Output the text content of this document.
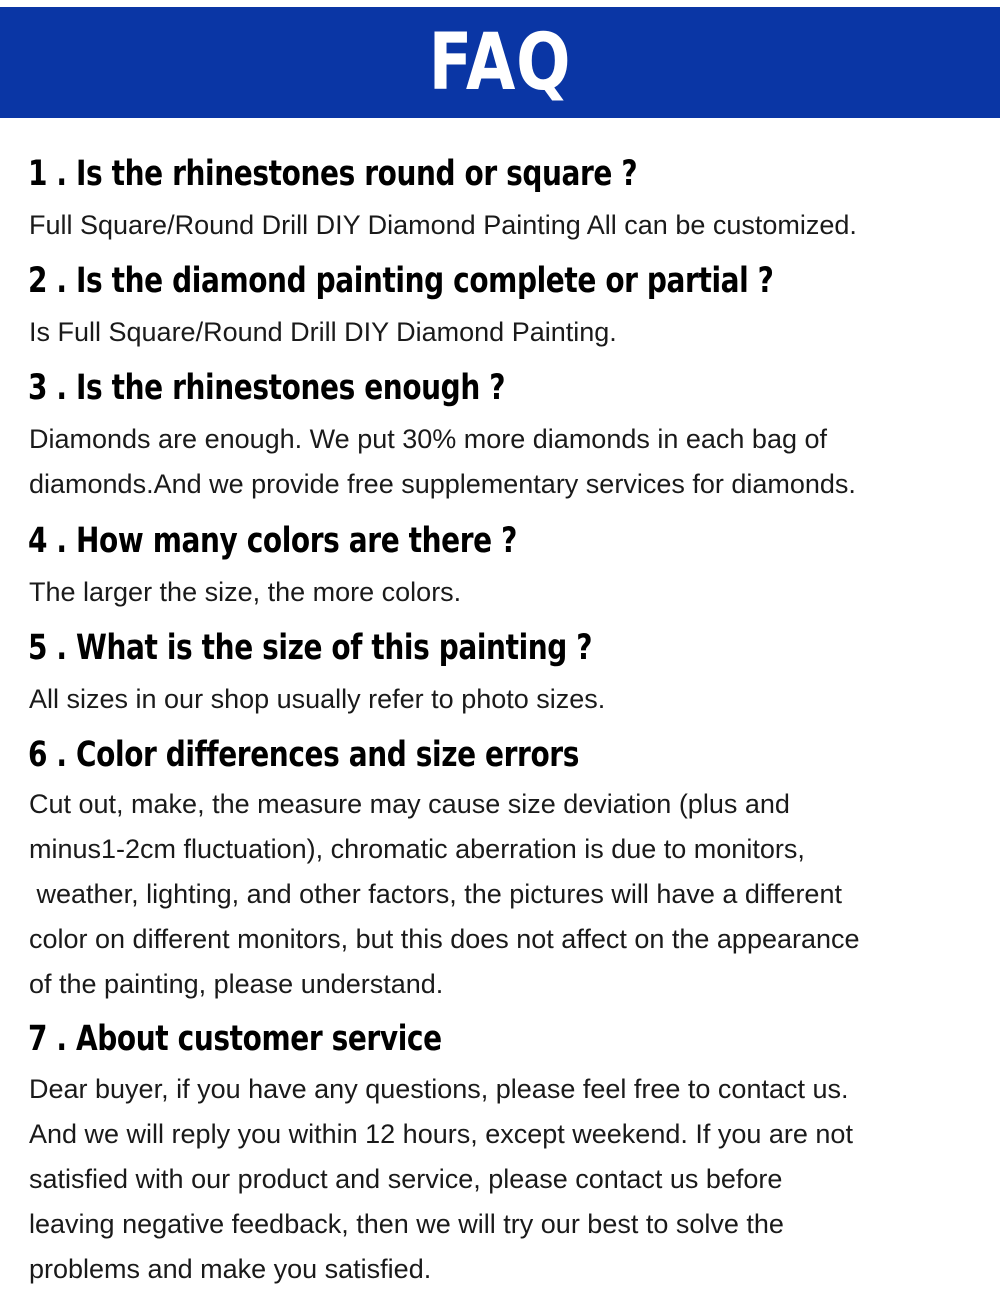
FAQ
1 . Is the rhinestones round or square ?
Full Square/Round Drill DIY Diamond Painting All can be customized.
2 . Is the diamond painting complete or partial ?
Is Full Square/Round Drill DIY Diamond Painting.
3 . Is the rhinestones enough ?
Diamonds are enough. We put 30% more diamonds in each bag of
diamonds.And we provide free supplementary services for diamonds.
4 . How many colors are there ?
The larger the size, the more colors.
5 . What is the size of this painting ?
All sizes in our shop usually refer to photo sizes.
6 . Color differences and size errors
Cut out, make, the measure may cause size deviation (plus and
minus1-2cm fluctuation), chromatic aberration is due to monitors,
weather, lighting, and other factors, the pictures will have a different
color on different monitors, but this does not affect on the appearance
of the painting, please understand.
7 . About customer service
Dear buyer, if you have any questions, please feel free to contact us.
And we will reply you within 12 hours, except weekend. If you are not
satisfied with our product and service, please contact us before
leaving negative feedback, then we will try our best to solve the
problems and make you satisfied.
